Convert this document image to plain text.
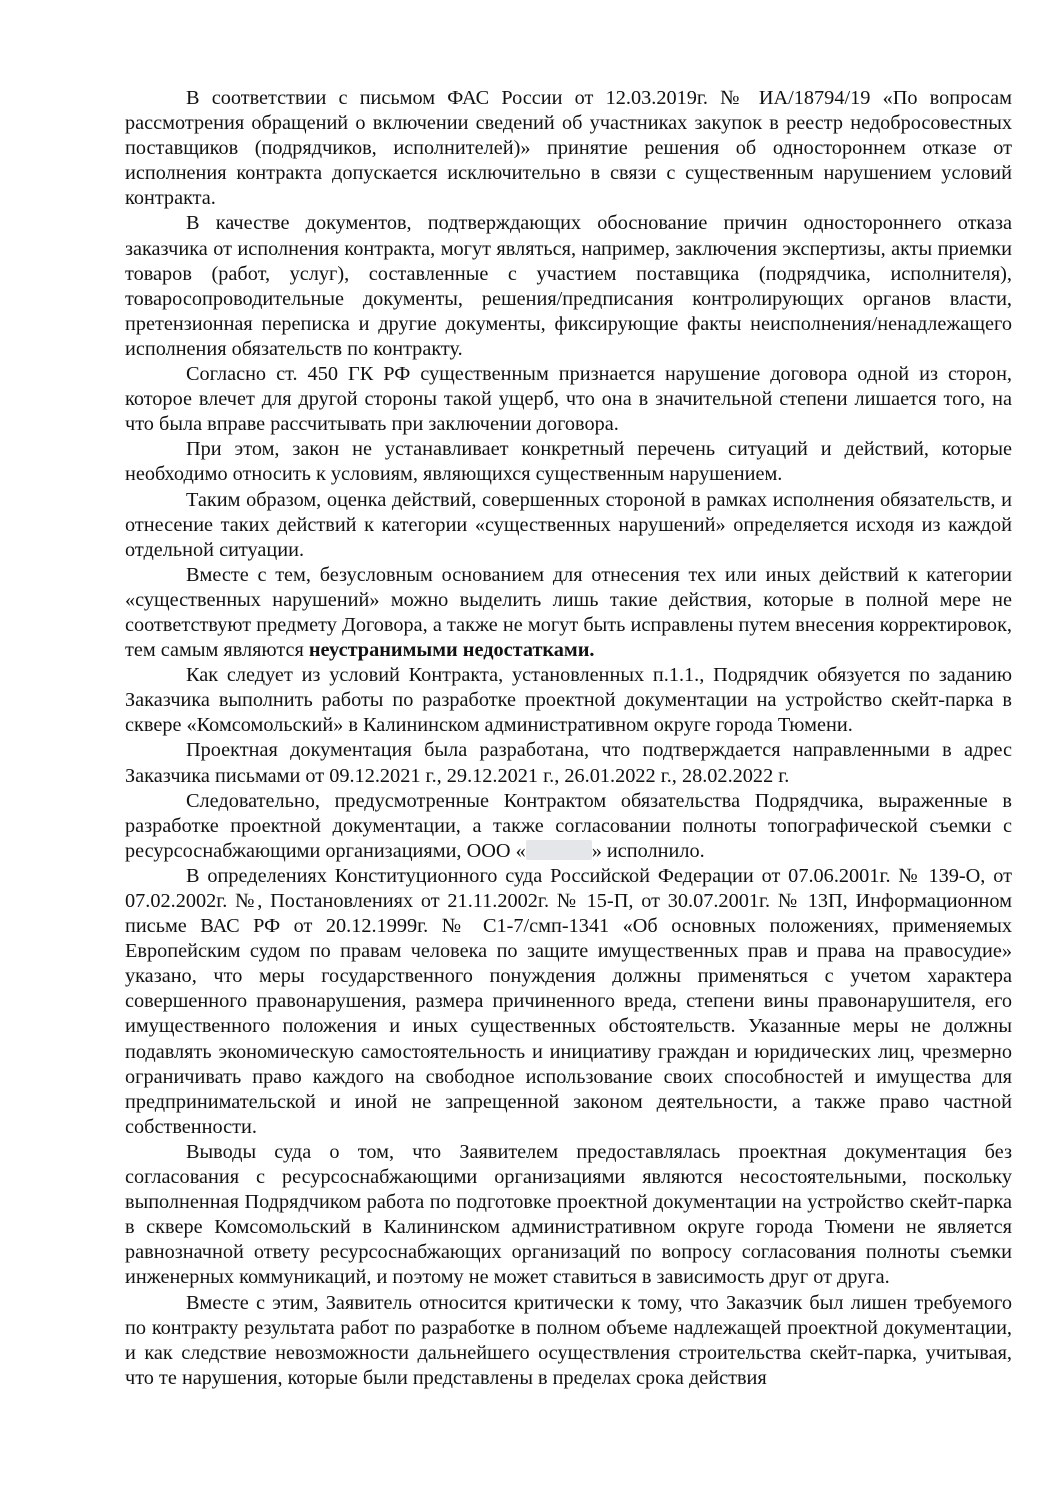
В соответствии с письмом ФАС России от 12.03.2019г. № ИА/18794/19 «По вопросам рассмотрения обращений о включении сведений об участниках закупок в реестр недобросовестных поставщиков (подрядчиков, исполнителей)» принятие решения об одностороннем отказе от исполнения контракта допускается исключительно в связи с существенным нарушением условий контракта.

В качестве документов, подтверждающих обоснование причин одностороннего отказа заказчика от исполнения контракта, могут являться, например, заключения экспертизы, акты приемки товаров (работ, услуг), составленные с участием поставщика (подрядчика, исполнителя), товаросопроводительные документы, решения/предписания контролирующих органов власти, претензионная переписка и другие документы, фиксирующие факты неисполнения/ненадлежащего исполнения обязательств по контракту.

Согласно ст. 450 ГК РФ существенным признается нарушение договора одной из сторон, которое влечет для другой стороны такой ущерб, что она в значительной степени лишается того, на что была вправе рассчитывать при заключении договора.

При этом, закон не устанавливает конкретный перечень ситуаций и действий, которые необходимо относить к условиям, являющихся существенным нарушением.

Таким образом, оценка действий, совершенных стороной в рамках исполнения обязательств, и отнесение таких действий к категории «существенных нарушений» определяется исходя из каждой отдельной ситуации.

Вместе с тем, безусловным основанием для отнесения тех или иных действий к категории «существенных нарушений» можно выделить лишь такие действия, которые в полной мере не соответствуют предмету Договора, а также не могут быть исправлены путем внесения корректировок, тем самым являются неустранимыми недостатками.

Как следует из условий Контракта, установленных п.1.1., Подрядчик обязуется по заданию Заказчика выполнить работы по разработке проектной документации на устройство скейт-парка в сквере «Комсомольский» в Калининском административном округе города Тюмени.

Проектная документация была разработана, что подтверждается направленными в адрес Заказчика письмами от 09.12.2021 г., 29.12.2021 г., 26.01.2022 г., 28.02.2022 г.

Следовательно, предусмотренные Контрактом обязательства Подрядчика, выраженные в разработке проектной документации, а также согласовании полноты топографической съемки с ресурсоснабжающими организациями, ООО «	» исполнило.

В определениях Конституционного суда Российской Федерации от 07.06.2001г. № 139-О, от 07.02.2002г. №, Постановлениях от 21.11.2002г. № 15-П, от 30.07.2001г. № 13П, Информационном письме ВАС РФ от 20.12.1999г. № С1-7/смп-1341 «Об основных положениях, применяемых Европейским судом по правам человека по защите имущественных прав и права на правосудие» указано, что меры государственного понуждения должны применяться с учетом характера совершенного правонарушения, размера причиненного вреда, степени вины правонарушителя, его имущественного положения и иных существенных обстоятельств. Указанные меры не должны подавлять экономическую самостоятельность и инициативу граждан и юридических лиц, чрезмерно ограничивать право каждого на свободное использование своих способностей и имущества для предпринимательской и иной не запрещенной законом деятельности, а также право частной собственности.

Выводы суда о том, что Заявителем предоставлялась проектная документация без согласования с ресурсоснабжающими организациями являются несостоятельными, поскольку выполненная Подрядчиком работа по подготовке проектной документации на устройство скейт-парка в сквере Комсомольский в Калининском административном округе города Тюмени не является равнозначной ответу ресурсоснабжающих организаций по вопросу согласования полноты съемки инженерных коммуникаций, и поэтому не может ставиться в зависимость друг от друга.

Вместе с этим, Заявитель относится критически к тому, что Заказчик был лишен требуемого по контракту результата работ по разработке в полном объеме надлежащей проектной документации, и как следствие невозможности дальнейшего осуществления строительства скейт-парка, учитывая, что те нарушения, которые были представлены в пределах срока действия
